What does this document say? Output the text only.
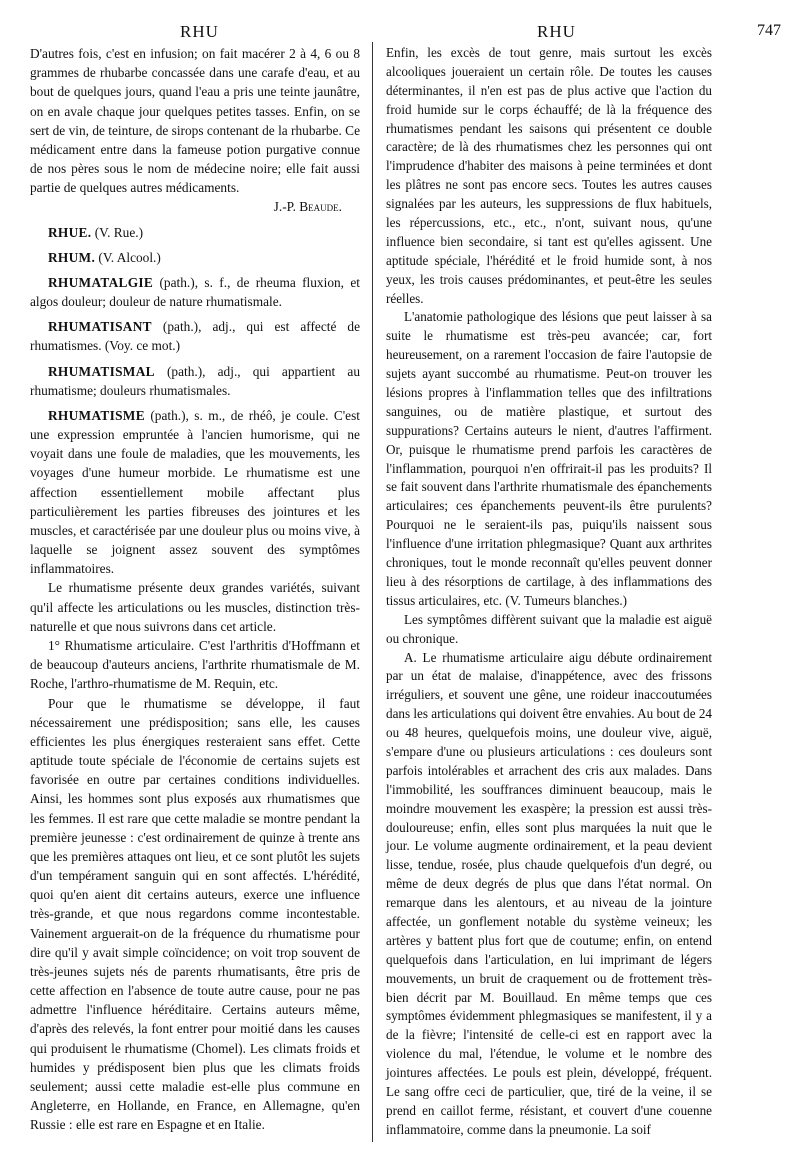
RHU	RHU	747

D'autres fois, c'est en infusion; on fait macérer 2 à 4, 6 ou 8 grammes de rhubarbe concassée dans une carafe d'eau, et au bout de quelques jours, quand l'eau a pris une teinte jaunâtre, on en avale chaque jour quelques petites tasses. Enfin, on se sert de vin, de teinture, de sirops contenant de la rhubarbe. Ce médicament entre dans la fameuse potion purgative connue de nos pères sous le nom de médecine noire; elle fait aussi partie de quelques autres médicaments.

J.-P. Beaude.

RHUE. (V. Rue.)

RHUM. (V. Alcool.)

RHUMATALGIE (path.), s. f., de rheuma fluxion, et algos douleur; douleur de nature rhumatismale.

RHUMATISANT (path.), adj., qui est affecté de rhumatismes. (Voy. ce mot.)

RHUMATISMAL (path.), adj., qui appartient au rhumatisme; douleurs rhumatismales.

RHUMATISME (path.), s. m., de rhéô, je coule. C'est une expression empruntée à l'ancien humorisme, qui ne voyait dans une foule de maladies, que les mouvements, les voyages d'une humeur morbide. Le rhumatisme est une affection essentiellement mobile affectant plus particulièrement les parties fibreuses des jointures et les muscles, et caractérisée par une douleur plus ou moins vive, à laquelle se joignent assez souvent des symptômes inflammatoires.

Le rhumatisme présente deux grandes variétés, suivant qu'il affecte les articulations ou les muscles, distinction très-naturelle et que nous suivrons dans cet article.

1° Rhumatisme articulaire. C'est l'arthritis d'Hoffmann et de beaucoup d'auteurs anciens, l'arthrite rhumatismale de M. Roche, l'arthro-rhumatisme de M. Requin, etc.

Pour que le rhumatisme se développe, il faut nécessairement une prédisposition; sans elle, les causes efficientes les plus énergiques resteraient sans effet. Cette aptitude toute spéciale de l'économie de certains sujets est favorisée en outre par certaines conditions individuelles. Ainsi, les hommes sont plus exposés aux rhumatismes que les femmes. Il est rare que cette maladie se montre pendant la première jeunesse : c'est ordinairement de quinze à trente ans que les premières attaques ont lieu, et ce sont plutôt les sujets d'un tempérament sanguin qui en sont affectés. L'hérédité, quoi qu'en aient dit certains auteurs, exerce une influence très-grande, et que nous regardons comme incontestable. Vainement arguerait-on de la fréquence du rhumatisme pour dire qu'il y avait simple coïncidence; on voit trop souvent de très-jeunes sujets nés de parents rhumatisants, être pris de cette affection en l'absence de toute autre cause, pour ne pas admettre l'influence héréditaire. Certains auteurs même, d'après des relevés, la font entrer pour moitié dans les causes qui produisent le rhumatisme (Chomel). Les climats froids et humides y prédisposent bien plus que les climats froids seulement; aussi cette maladie est-elle plus commune en Angleterre, en Hollande, en France, en Allemagne, qu'en Russie : elle est rare en Espagne et en Italie.

Enfin, les excès de tout genre, mais surtout les excès alcooliques joueraient un certain rôle. De toutes les causes déterminantes, il n'en est pas de plus active que l'action du froid humide sur le corps échauffé; de là la fréquence des rhumatismes pendant les saisons qui présentent ce double caractère; de là des rhumatismes chez les personnes qui ont l'imprudence d'habiter des maisons à peine terminées et dont les plâtres ne sont pas encore secs. Toutes les autres causes signalées par les auteurs, les suppressions de flux habituels, les répercussions, etc., etc., n'ont, suivant nous, qu'une influence bien secondaire, si tant est qu'elles agissent. Une aptitude spéciale, l'hérédité et le froid humide sont, à nos yeux, les trois causes prédominantes, et peut-être les seules réelles.

L'anatomie pathologique des lésions que peut laisser à sa suite le rhumatisme est très-peu avancée; car, fort heureusement, on a rarement l'occasion de faire l'autopsie de sujets ayant succombé au rhumatisme. Peut-on trouver les lésions propres à l'inflammation telles que des infiltrations sanguines, ou de matière plastique, et surtout des suppurations? Certains auteurs le nient, d'autres l'affirment. Or, puisque le rhumatisme prend parfois les caractères de l'inflammation, pourquoi n'en offrirait-il pas les produits? Il se fait souvent dans l'arthrite rhumatismale des épanchements articulaires; ces épanchements peuvent-ils être purulents? Pourquoi ne le seraient-ils pas, puiqu'ils naissent sous l'influence d'une irritation phlegmasique? Quant aux arthrites chroniques, tout le monde reconnaît qu'elles peuvent donner lieu à des résorptions de cartilage, à des inflammations des tissus articulaires, etc. (V. Tumeurs blanches.)

Les symptômes diffèrent suivant que la maladie est aiguë ou chronique.

A. Le rhumatisme articulaire aigu débute ordinairement par un état de malaise, d'inappétence, avec des frissons irréguliers, et souvent une gêne, une roideur inaccoutumées dans les articulations qui doivent être envahies. Au bout de 24 ou 48 heures, quelquefois moins, une douleur vive, aiguë, s'empare d'une ou plusieurs articulations : ces douleurs sont parfois intolérables et arrachent des cris aux malades. Dans l'immobilité, les souffrances diminuent beaucoup, mais le moindre mouvement les exaspère; la pression est aussi très-douloureuse; enfin, elles sont plus marquées la nuit que le jour. Le volume augmente ordinairement, et la peau devient lisse, tendue, rosée, plus chaude quelquefois d'un degré, ou même de deux degrés de plus que dans l'état normal. On remarque dans les alentours, et au niveau de la jointure affectée, un gonflement notable du système veineux; les artères y battent plus fort que de coutume; enfin, on entend quelquefois dans l'articulation, en lui imprimant de légers mouvements, un bruit de craquement ou de frottement très-bien décrit par M. Bouillaud. En même temps que ces symptômes évidemment phlegmasiques se manifestent, il y a de la fièvre; l'intensité de celle-ci est en rapport avec la violence du mal, l'étendue, le volume et le nombre des jointures affectées. Le pouls est plein, développé, fréquent. Le sang offre ceci de particulier, que, tiré de la veine, il se prend en caillot ferme, résistant, et couvert d'une couenne inflammatoire, comme dans la pneumonie. La soif
